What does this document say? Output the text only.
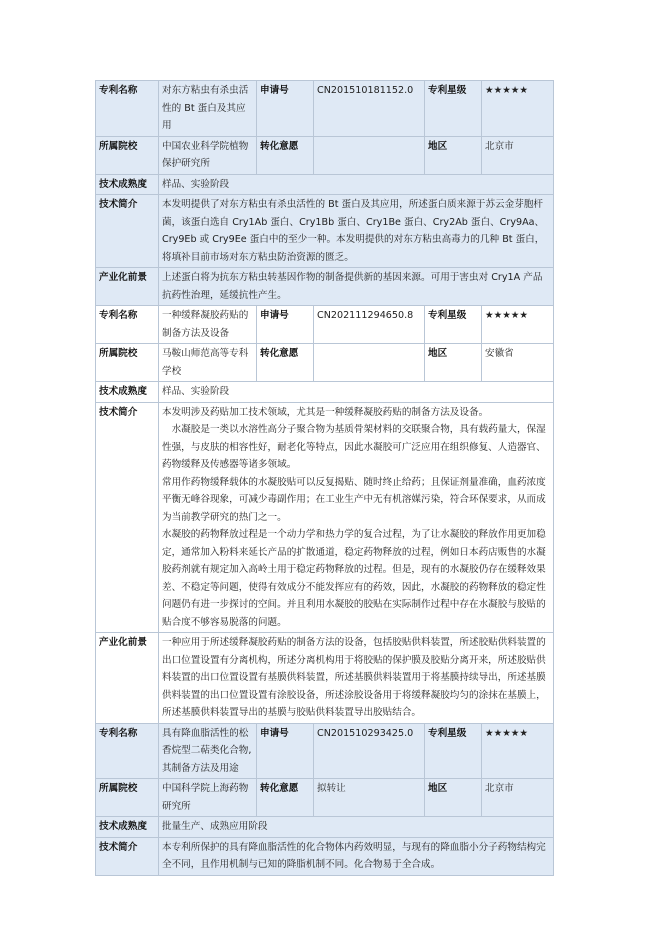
专利名称	对东方粘虫有杀虫活性的 Bt 蛋白及其应用	申请号	CN201510181152.0	专利星级	★★★★★
所属院校	中国农业科学院植物保护研究所	转化意愿		地区	北京市
技术成熟度	样品、实验阶段				
技术简介	本发明提供了对东方粘虫有杀虫活性的 Bt 蛋白及其应用，所述蛋白质来源于苏云金芽胞杆菌，该蛋白选自 Cry1Ab 蛋白、Cry1Bb 蛋白、Cry1Be 蛋白、Cry2Ab 蛋白、Cry9Aa、Cry9Eb 或 Cry9Ee 蛋白中的至少一种。本发明提供的对东方粘虫高毒力的几种 Bt 蛋白，将填补目前市场对东方粘虫防治资源的匮乏。				

产业化前景	上述蛋白将为抗东方粘虫转基因作物的制备提供新的基因来源。可用于害虫对 Cry1A 产品抗药性治理，延缓抗性产生。				
专利名称	一种缓释凝胶药贴的制备方法及设备	申请号	CN202111294650.8	专利星级	★★★★★
所属院校	马鞍山师范高等专科学校	转化意愿		地区	安徽省
技术成熟度	样品、实验阶段				
技术简介	本发明涉及药贴加工技术领域，尤其是一种缓释凝胶药贴的制备方法及设备。

水凝胶是一类以水溶性高分子聚合物为基质骨架材料的交联聚合物，具有载药量大，保湿性强，与皮肤的相容性好，耐老化等特点，因此水凝胶可广泛应用在组织修复、人造器官、药物缓释及传感器等诸多领域。

常用作药物缓释载体的水凝胶贴可以反复揭贴、随时终止给药；且保证剂量准确，血药浓度平衡无峰谷现象，可减少毒副作用；在工业生产中无有机溶媒污染，符合环保要求，从而成为当前教学研究的热门之一。

水凝胶的药物释放过程是一个动力学和热力学的复合过程，为了让水凝胶的释放作用更加稳定，通常加入粉料来延长产品的扩散通道，稳定药物释放的过程，例如日本药店贩售的水凝胶药剂就有规定加入高岭土用于稳定药物释放的过程。但是，现有的水凝胶仍存在缓释效果差、不稳定等问题，使得有效成分不能发挥应有的药效，因此，水凝胶的药物释放的稳定性问题仍有进一步探讨的空间。并且利用水凝胶的胶贴在实际制作过程中存在水凝胶与胶贴的贴合度不够容易脱落的问题。				

产业化前景	一种应用于所述缓释凝胶药贴的制备方法的设备，包括胶贴供料装置，所述胶贴供料装置的出口位置设置有分离机构，所述分离机构用于将胶贴的保护膜及胶贴分离开来，所述胶贴供料装置的出口位置设置有基膜供料装置，所述基膜供料装置用于将基膜持续导出，所述基膜供料装置的出口位置设置有涂胶设备，所述涂胶设备用于将缓释凝胶均匀的涂抹在基膜上，所述基膜供料装置导出的基膜与胶贴供料装置导出胶贴结合。				
专利名称	具有降血脂活性的松香烷型二萜类化合物, 其制备方法及用途	申请号	CN201510293425.0	专利星级	★★★★★
所属院校	中国科学院上海药物研究所	转化意愿	拟转让	地区	北京市
技术成熟度	批量生产、成熟应用阶段				
技术简介	本专利所保护的具有降血脂活性的化合物体内药效明显，与现有的降血脂小分子药物结构完全不同，且作用机制与已知的降脂机制不同。化合物易于全合成。				
